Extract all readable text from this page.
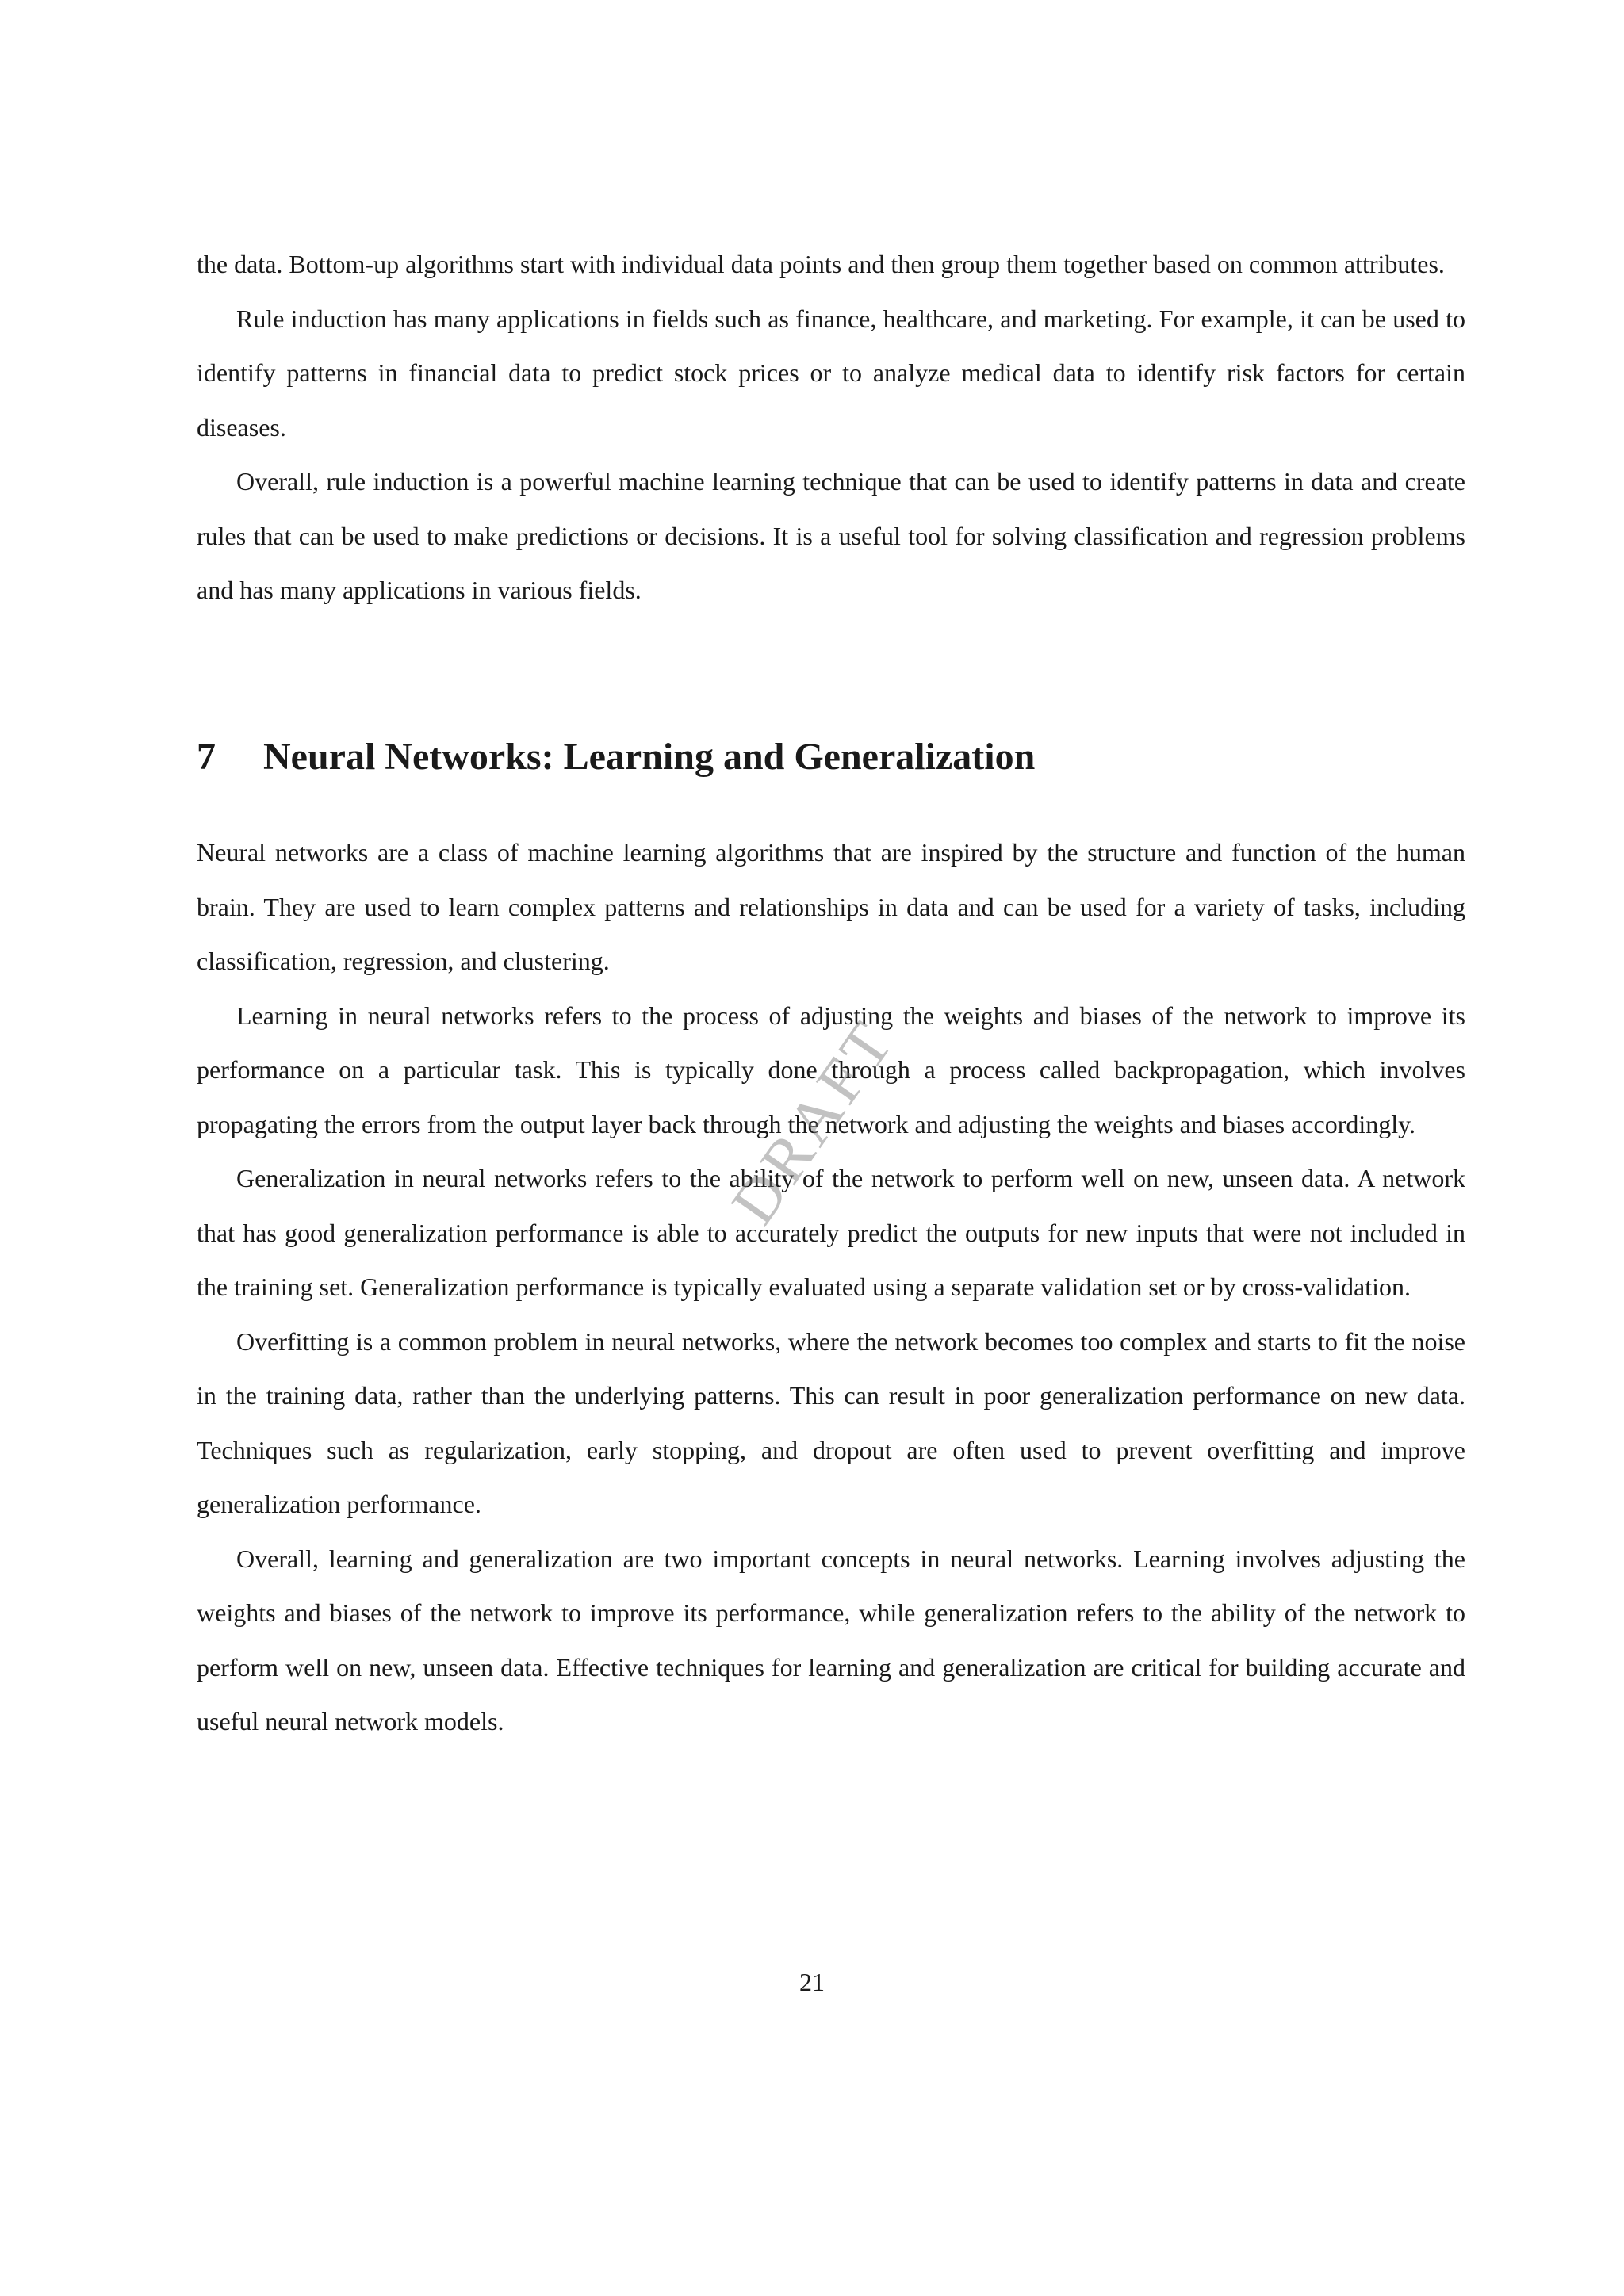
the data. Bottom-up algorithms start with individual data points and then group them together based on common attributes.

Rule induction has many applications in fields such as finance, healthcare, and marketing. For example, it can be used to identify patterns in financial data to predict stock prices or to analyze medical data to identify risk factors for certain diseases.

Overall, rule induction is a powerful machine learning technique that can be used to identify patterns in data and create rules that can be used to make predictions or decisions. It is a useful tool for solving classification and regression problems and has many applications in various fields.

7 Neural Networks: Learning and Generalization

Neural networks are a class of machine learning algorithms that are inspired by the structure and function of the human brain. They are used to learn complex patterns and relationships in data and can be used for a variety of tasks, including classification, regression, and clustering.

Learning in neural networks refers to the process of adjusting the weights and biases of the network to improve its performance on a particular task. This is typically done through a process called backpropagation, which involves propagating the errors from the output layer back through the network and adjusting the weights and biases accordingly.

Generalization in neural networks refers to the ability of the network to perform well on new, unseen data. A network that has good generalization performance is able to accurately predict the outputs for new inputs that were not included in the training set. Generalization performance is typically evaluated using a separate validation set or by cross-validation.

Overfitting is a common problem in neural networks, where the network becomes too complex and starts to fit the noise in the training data, rather than the underlying patterns. This can result in poor generalization performance on new data. Techniques such as regularization, early stopping, and dropout are often used to prevent overfitting and improve generalization performance.

Overall, learning and generalization are two important concepts in neural networks. Learning involves adjusting the weights and biases of the network to improve its performance, while generalization refers to the ability of the network to perform well on new, unseen data. Effective techniques for learning and generalization are critical for building accurate and useful neural network models.

DRAFT
21
